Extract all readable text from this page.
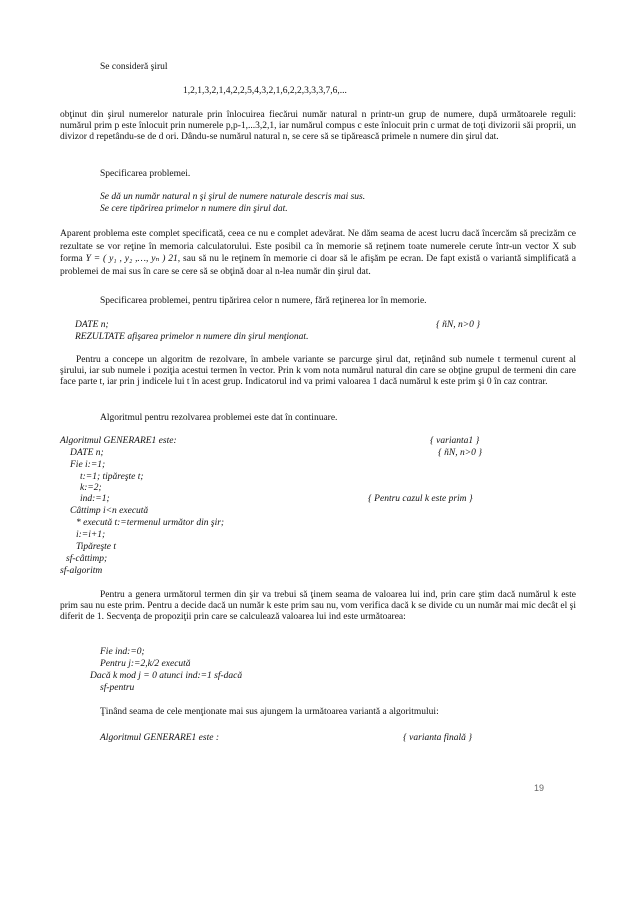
Se consideră şirul
1,2,1,3,2,1,4,2,2,5,4,3,2,1,6,2,2,3,3,3,7,6,...
obţinut din şirul numerelor naturale prin înlocuirea fiecărui număr natural n printr-un grup de numere, după următoarele reguli: numărul prim p este înlocuit prin numerele p,p-1,...3,2,1, iar numărul compus c este înlocuit prin c urmat de toţi divizorii săi proprii, un divizor d repetându-se de d ori. Dându-se numărul natural n, se cere să se tipărească primele n numere din şirul dat.
Specificarea problemei.
Se dă un număr natural n şi şirul de numere naturale descris mai sus.
Se cere tipărirea primelor n numere din şirul dat.
Aparent problema este complet specificată, ceea ce nu e complet adevărat. Ne dăm seama de acest lucru dacă încercăm să precizăm ce rezultate se vor reţine în memoria calculatorului. Este posibil ca în memorie să reţinem toate numerele cerute într-un vector X sub forma Y = ( y₁ , y₂ ,…, yₙ ) 21, sau să nu le reţinem în memorie ci doar să le afişăm pe ecran. De fapt există o variantă simplificată a problemei de mai sus în care se cere să se obţină doar al n-lea număr din şirul dat.
Specificarea problemei, pentru tipărirea celor n numere, fără reţinerea lor în memorie.
DATE n;	{ ñN, n>0 }
REZULTATE afişarea primelor n numere din şirul menţionat.
Pentru a concepe un algoritm de rezolvare, în ambele variante se parcurge şirul dat, reţinând sub numele t termenul curent al şirului, iar sub numele i poziţia acestui termen în vector. Prin k vom nota numărul natural din care se obţine grupul de termeni din care face parte t, iar prin j indicele lui t în acest grup. Indicatorul ind va primi valoarea 1 dacă numărul k este prim şi 0 în caz contrar.
Algoritmul pentru rezolvarea problemei este dat în continuare.
Algoritmul GENERARE1 este:	{ varianta1 }
DATE n;	{ ñN, n>0 }
Fie i:=1;
t:=1; tipăreşte t;
k:=2;
ind:=1;	{ Pentru cazul k este prim }
Câttimp i<n execută
* execută t:=termenul următor din şir;
i:=i+1;
Tipăreşte t
sf-câttimp;
sf-algoritm
Pentru a genera următorul termen din şir va trebui să ţinem seama de valoarea lui ind, prin care ştim dacă numărul k este prim sau nu este prim. Pentru a decide dacă un număr k este prim sau nu, vom verifica dacă k se divide cu un număr mai mic decât el şi diferit de 1. Secvenţa de propoziţii prin care se calculează valoarea lui ind este următoarea:
Fie ind:=0;
Pentru j:=2,k/2 execută
Dacă k mod j = 0 atunci ind:=1 sf-dacă
sf-pentru
Ţinând seama de cele menţionate mai sus ajungem la următoarea variantă a algoritmului:
Algoritmul GENERARE1 este :	{ varianta finală }
19
